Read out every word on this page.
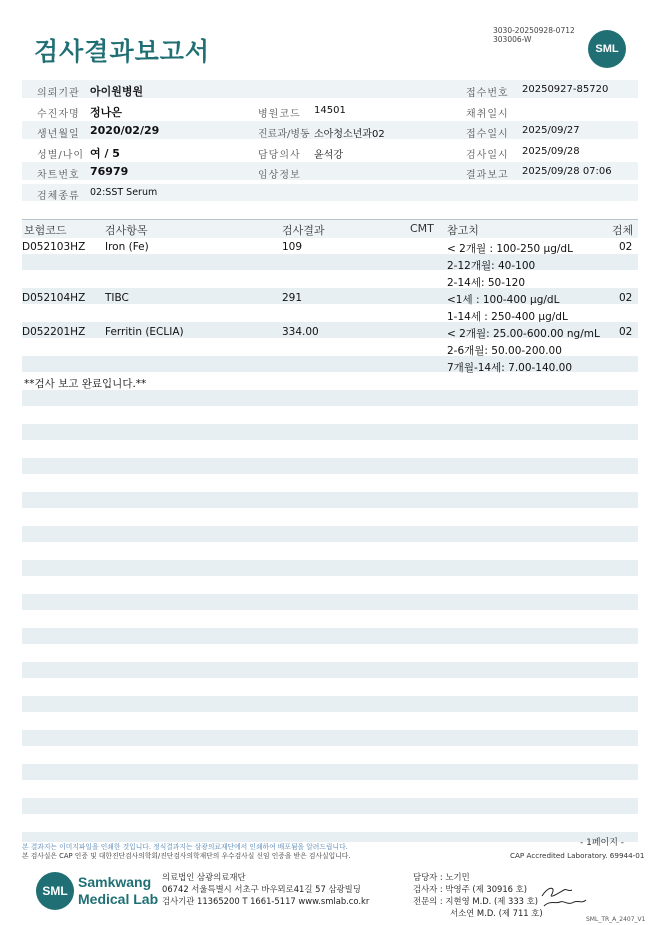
검사결과보고서
3030-20250928-0712
303006-W
SML
의뢰기관 아이원병원	접수번호 20250927-85720
수진자명 정나은	병원코드 14501	채취일시
생년월일 2020/02/29	진료과/병동 소아청소년과02	접수일시 2025/09/27
성별/나이 여 / 5	담당의사 윤석강	검사일시 2025/09/28
차트번호 76979	임상정보	결과보고 2025/09/28 07:06
검체종류 02:SST Serum
보험코드	검사항목	검사결과	CMT 참고치	검체
D052103HZ Iron (Fe)	109	< 2개월 : 100-250 μg/dL	02
2-12개월: 40-100
2-14세: 50-120
D052104HZ TIBC	291	<1세 : 100-400 μg/dL	02
1-14세 : 250-400 μg/dL
D052201HZ Ferritin (ECLIA)	334.00	< 2개월: 25.00-600.00 ng/mL 02
2-6개월: 50.00-200.00
7개월-14세: 7.00-140.00
**검사 보고 완료입니다.**
- 1페이지 -
본 결과지는 이미지파일을 인쇄한 것입니다. 정식결과지는 삼광의료재단에서 인쇄하여 배포됨을 알려드립니다.
본 검사실은 CAP 인증 및 대한진단검사의학회/진단검사의학재단의 우수검사실 신임 인증을 받은 검사실입니다.	CAP Accredited Laboratory. 69944-01
SML
Samkwang
Medical Lab
의료법인 삼광의료재단
06742 서울특별시 서초구 바우뫼로41길 57 삼광빌딩
검사기관 11365200 T 1661-5117 www.smlab.co.kr
담당자 : 노기민
검사자 : 박영주 (제 30916 호)
전문의 : 지현영 M.D. (제 333 호)
서소연 M.D. (제 711 호)
SML_TR_A_2407_V1
